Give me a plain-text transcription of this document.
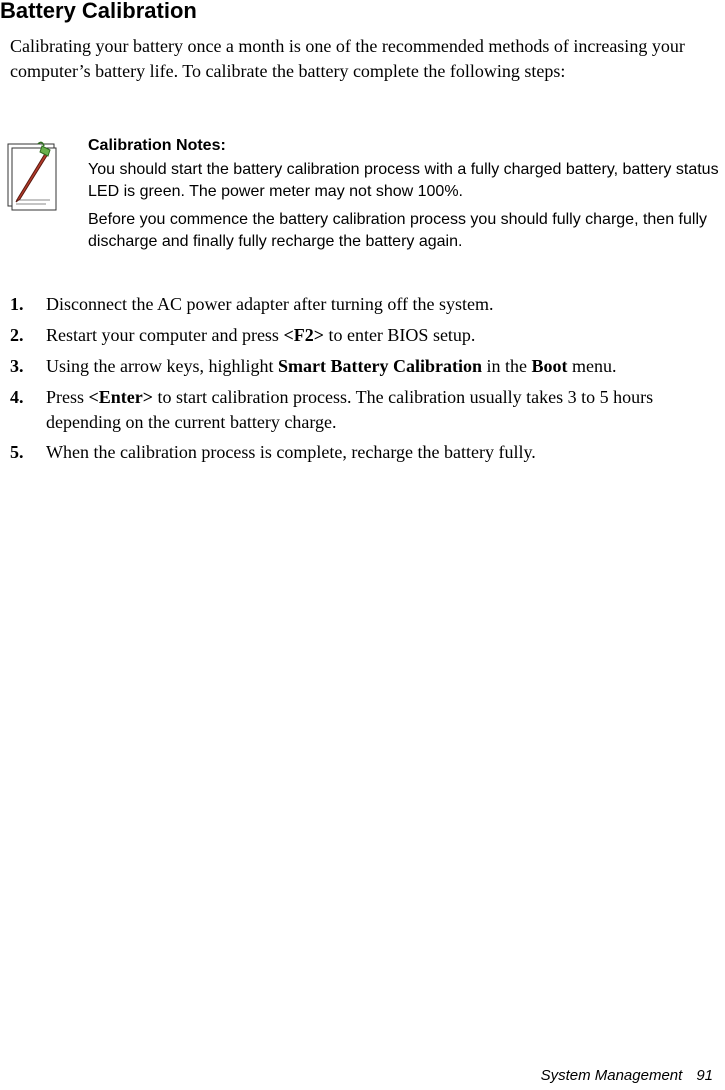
Battery Calibration

Calibrating your battery once a month is one of the recommended methods of increasing your computer’s battery life. To calibrate the battery complete the following steps:

Calibration Notes:

You should start the battery calibration process with a fully charged battery, battery status LED is green. The power meter may not show 100%.

Before you commence the battery calibration process you should fully charge, then fully discharge and finally fully recharge the battery again.

1. Disconnect the AC power adapter after turning off the system.
2. Restart your computer and press <F2> to enter BIOS setup.
3. Using the arrow keys, highlight Smart Battery Calibration in the Boot menu.
4. Press <Enter> to start calibration process. The calibration usually takes 3 to 5 hours depending on the current battery charge.
5. When the calibration process is complete, recharge the battery fully.

System Management 91
